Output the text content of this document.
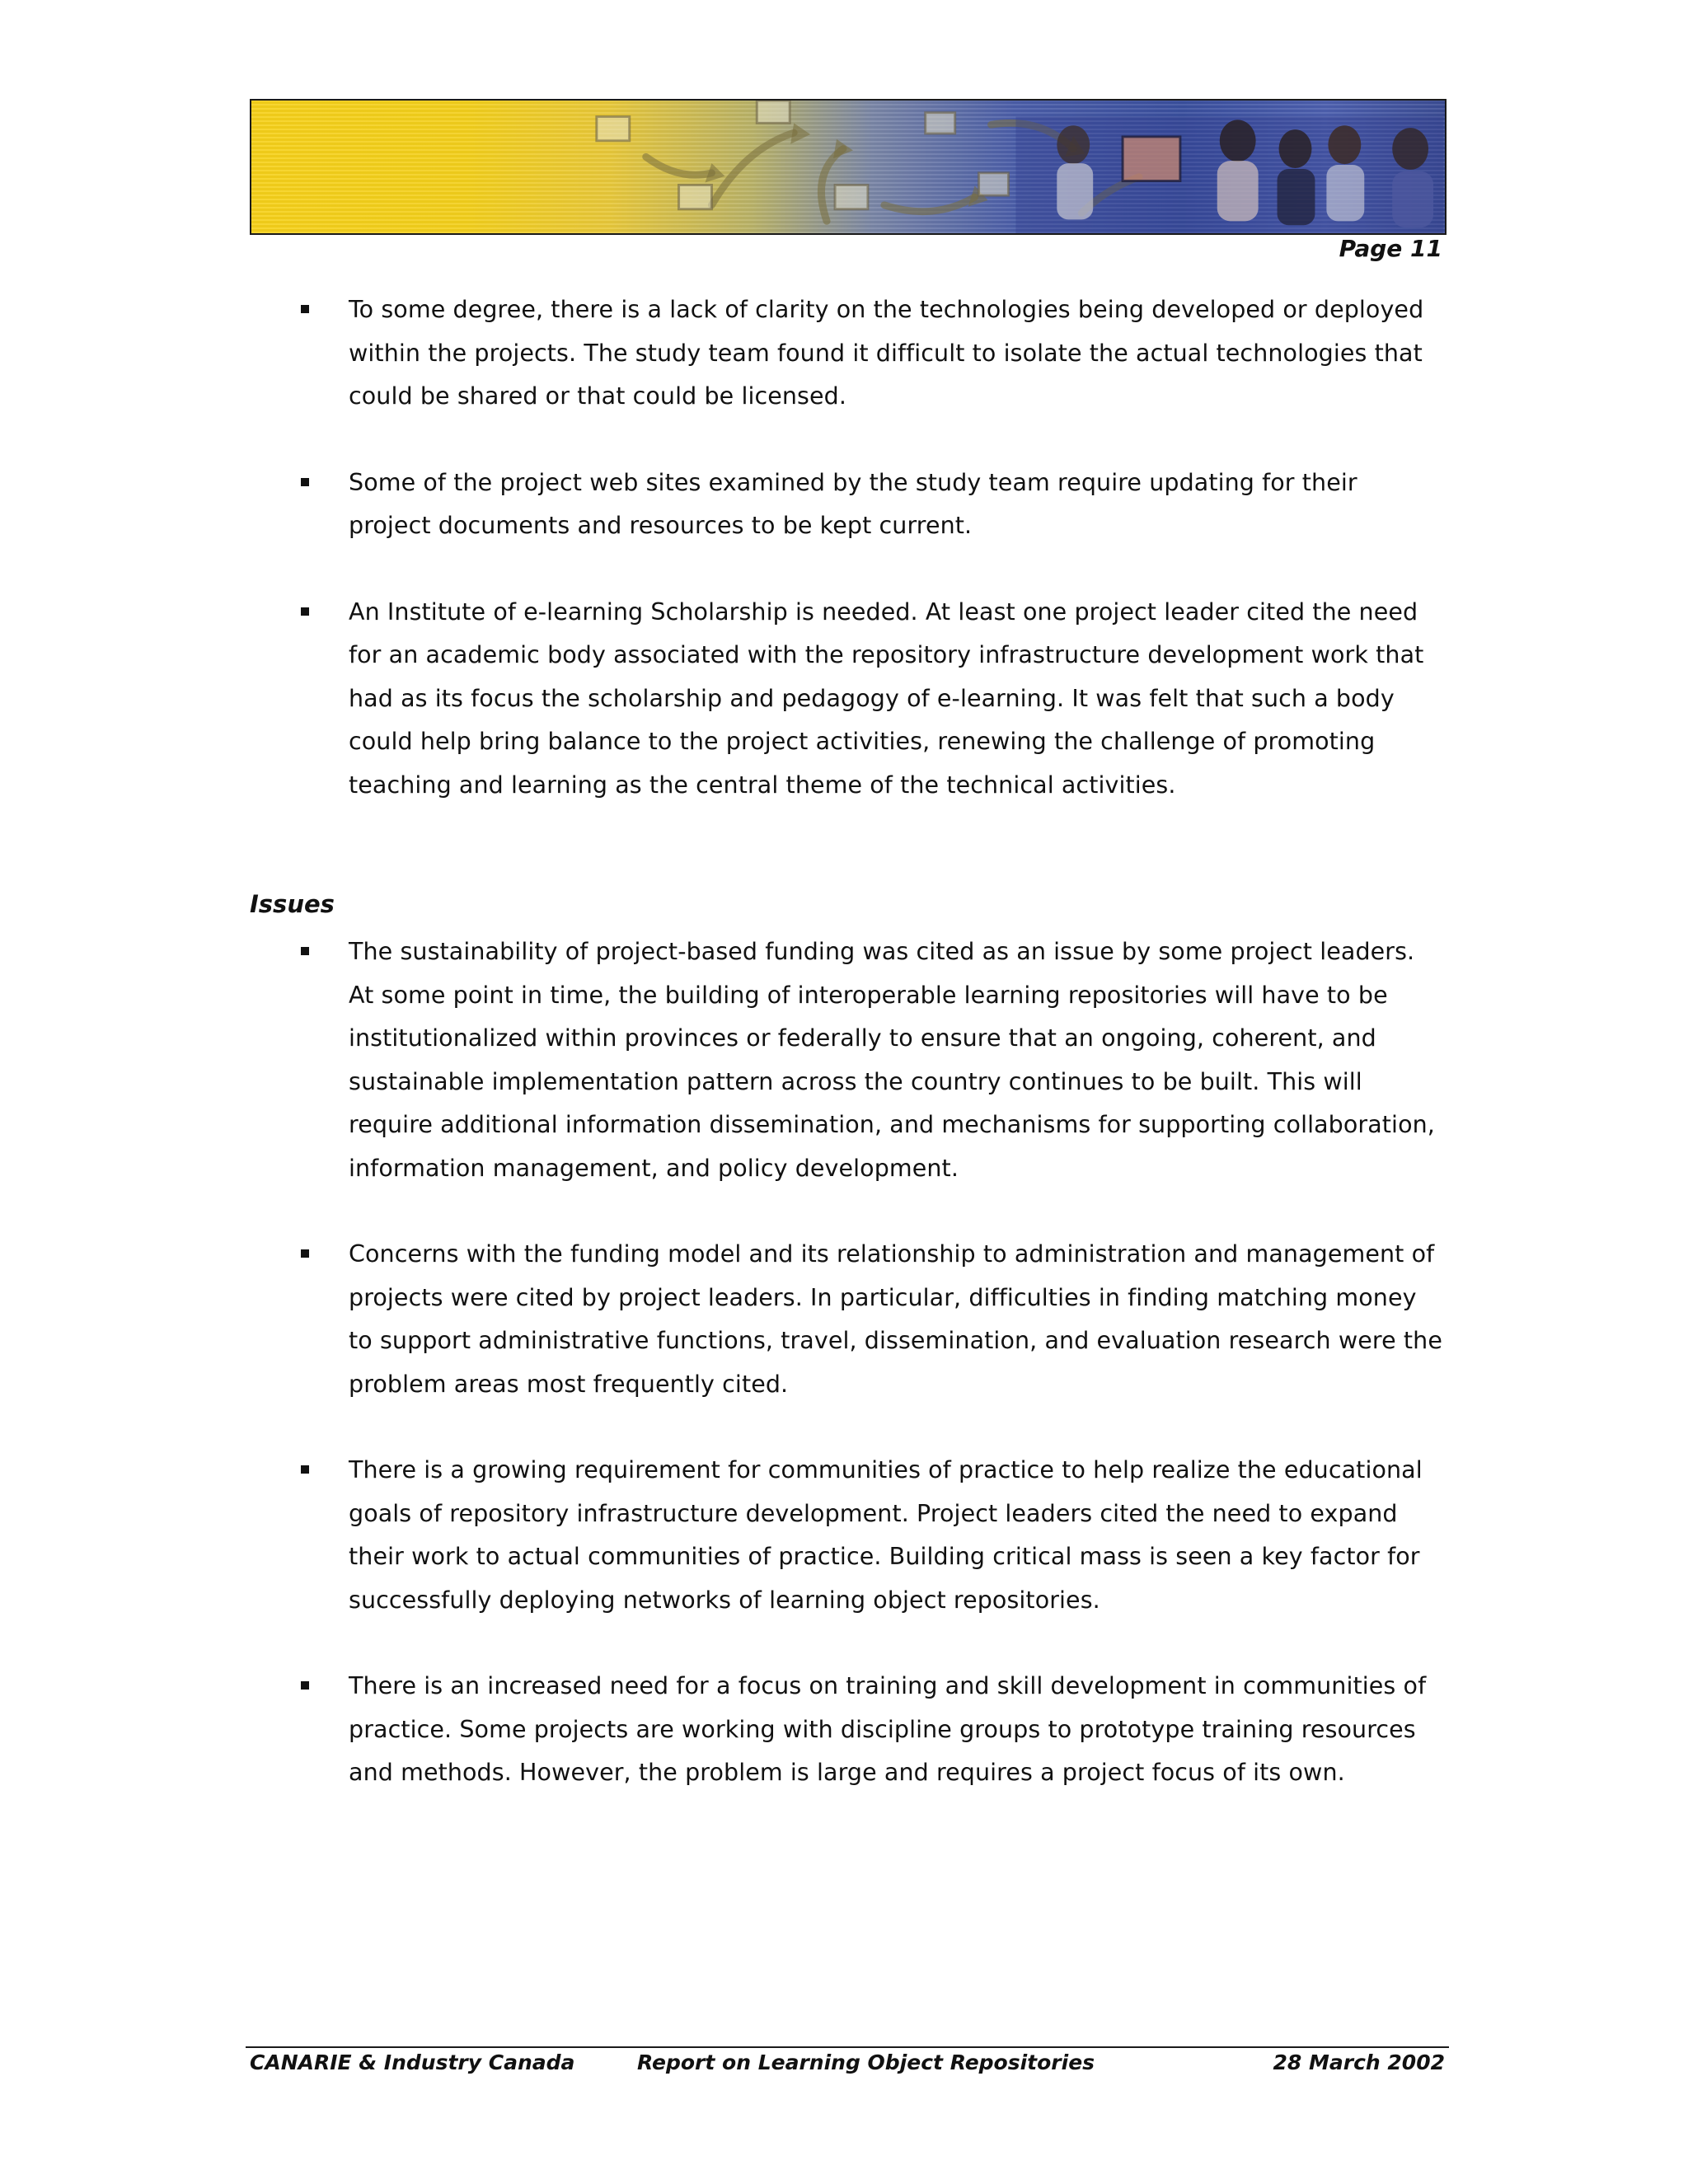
Page 11
To some degree, there is a lack of clarity on the technologies being developed or deployed within the projects. The study team found it difficult to isolate the actual technologies that could be shared or that could be licensed.
Some of the project web sites examined by the study team require updating for their project documents and resources to be kept current.
An Institute of e-learning Scholarship is needed. At least one project leader cited the need for an academic body associated with the repository infrastructure development work that had as its focus the scholarship and pedagogy of e-learning. It was felt that such a body could help bring balance to the project activities, renewing the challenge of promoting teaching and learning as the central theme of the technical activities.
Issues
The sustainability of project-based funding was cited as an issue by some project leaders. At some point in time, the building of interoperable learning repositories will have to be institutionalized within provinces or federally to ensure that an ongoing, coherent, and sustainable implementation pattern across the country continues to be built. This will require additional information dissemination, and mechanisms for supporting collaboration, information management, and policy development.
Concerns with the funding model and its relationship to administration and management of projects were cited by project leaders. In particular, difficulties in finding matching money to support administrative functions, travel, dissemination, and evaluation research were the problem areas most frequently cited.
There is a growing requirement for communities of practice to help realize the educational goals of repository infrastructure development. Project leaders cited the need to expand their work to actual communities of practice. Building critical mass is seen a key factor for successfully deploying networks of learning object repositories.
There is an increased need for a focus on training and skill development in communities of practice. Some projects are working with discipline groups to prototype training resources and methods. However, the problem is large and requires a project focus of its own.
CANARIE & Industry Canada	Report on Learning Object Repositories	28 March 2002
